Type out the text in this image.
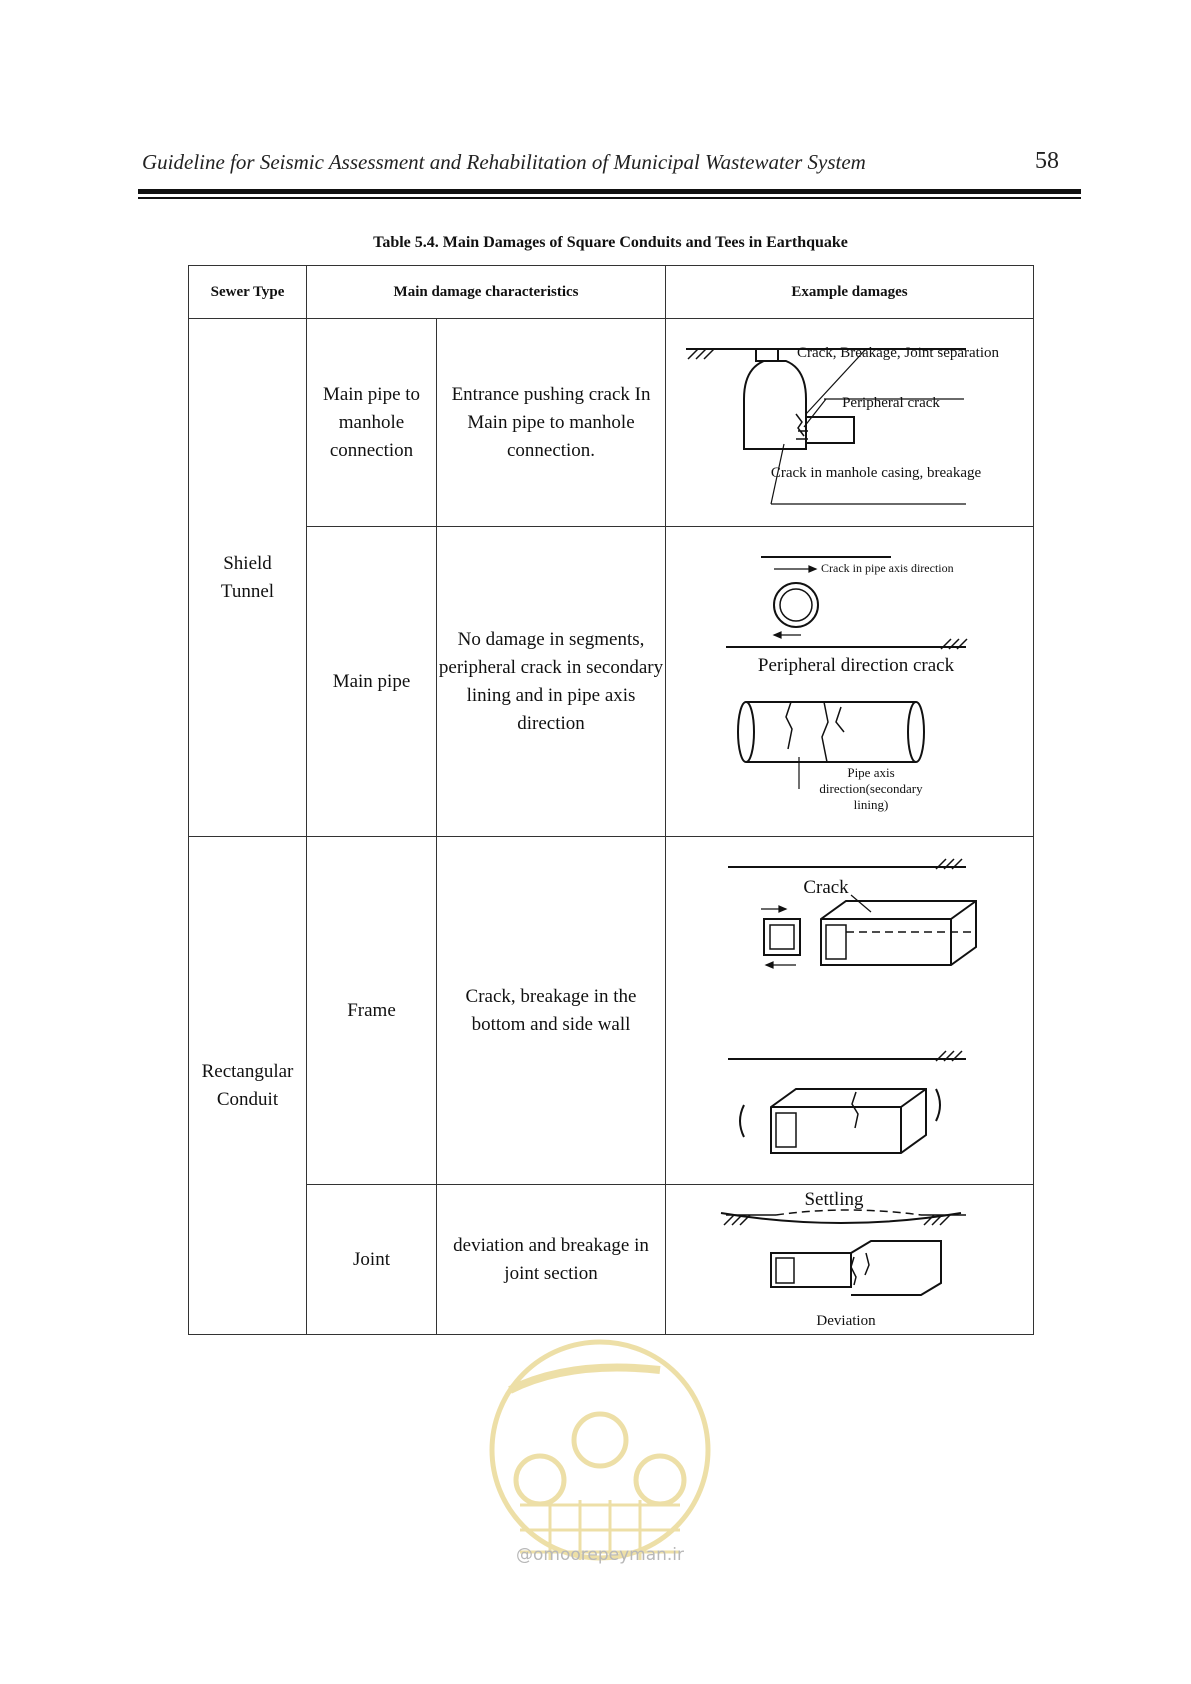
Guideline for Seismic Assessment and Rehabilitation of Municipal Wastewater System	58
Table 5.4. Main Damages of Square Conduits and Tees in Earthquake
Sewer Type	Main damage characteristics		Example damages
Shield Tunnel	Main pipe to manhole connection	Entrance pushing crack In Main pipe to manhole connection.	Crack, Breakage, Joint separation
Peripheral crack
Crack in manhole casing, breakage

	Main pipe	No damage in segments, peripheral crack in secondary lining and in pipe axis direction	Crack in pipe axis direction
Peripheral direction crack
Pipe axis direction(secondary lining)

Rectangular Conduit	Frame	Crack, breakage in the bottom and side wall	Crack

	Joint	deviation and breakage in joint section	Settling
Deviation
@omoorepeyman.ir
